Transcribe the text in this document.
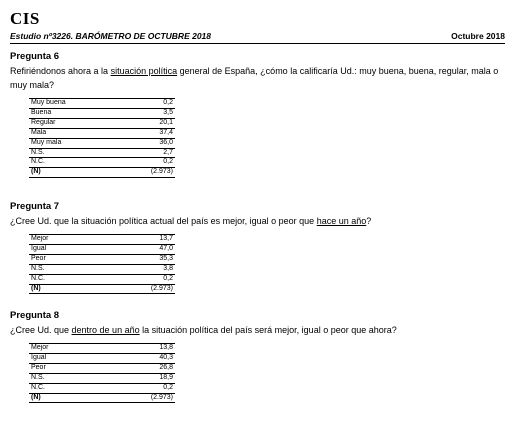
CIS
Estudio nº3226. BARÓMETRO DE OCTUBRE 2018	Octubre 2018
Pregunta 6
Refiriéndonos ahora a la situación política general de España, ¿cómo la calificaría Ud.: muy buena, buena, regular, mala o muy mala?
Muy buena	0,2
Buena	3,5
Regular	20,1
Mala	37,4
Muy mala	36,0
N.S.	2,7
N.C.	0,2
(N)	(2.973)
Pregunta 7
¿Cree Ud. que la situación política actual del país es mejor, igual o peor que hace un año?
Mejor	13,7
Igual	47,0
Peor	35,3
N.S.	3,8
N.C.	0,2
(N)	(2.973)
Pregunta 8
¿Cree Ud. que dentro de un año la situación política del país será mejor, igual o peor que ahora?
Mejor	13,8
Igual	40,3
Peor	26,8
N.S.	18,9
N.C.	0,2
(N)	(2.973)
